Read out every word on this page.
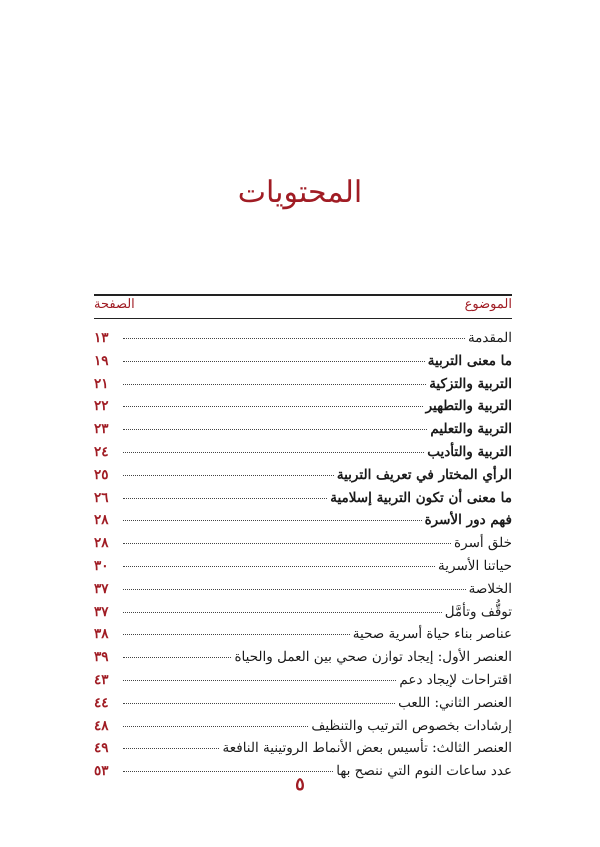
المحتويات
الموضوع
الصفحة
المقدمة
١٣
ما معنى التربية
١٩
التربية والتزكية
٢١
التربية والتطهير
٢٢
التربية والتعليم
٢٣
التربية والتأديب
٢٤
الرأي المختار في تعريف التربية
٢٥
ما معنى أن تكون التربية إسلامية
٢٦
فهم دور الأسرة
٢٨
خلق أسرة
٢٨
حياتنا الأسرية
٣٠
الخلاصة
٣٧
توقُّف وتأمَّل
٣٧
عناصر بناء حياة أسرية صحية
٣٨
العنصر الأول: إيجاد توازن صحي بين العمل والحياة
٣٩
اقتراحات لإيجاد دعم
٤٣
العنصر الثاني: اللعب
٤٤
إرشادات بخصوص الترتيب والتنظيف
٤٨
العنصر الثالث: تأسيس بعض الأنماط الروتينية النافعة
٤٩
عدد ساعات النوم التي ننصح بها
٥٣
٥
